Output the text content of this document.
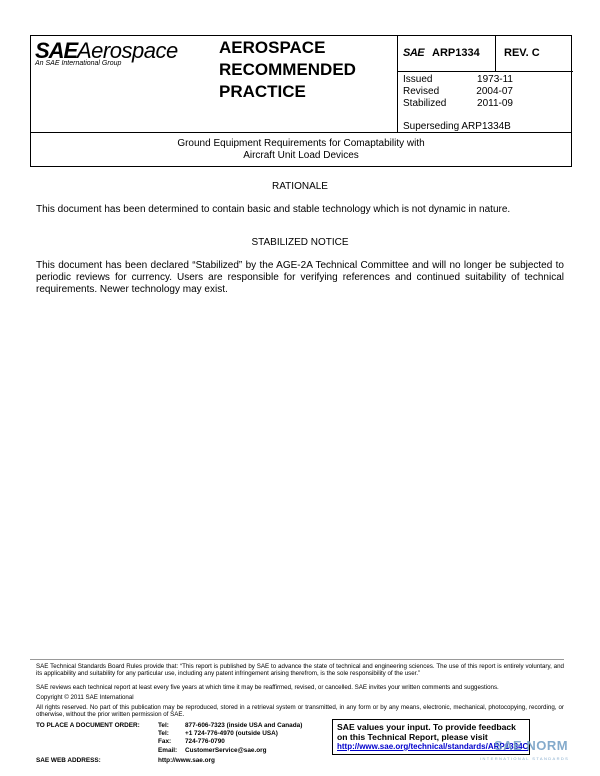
SAE Aerospace
An SAE International Group
AEROSPACE
RECOMMENDED
PRACTICE
SAE ARP1334 REV. C
Issued	1973-11
Revised	2004-07
Stabilized	2011-09
Superseding ARP1334B
Ground Equipment Requirements for Comaptability with
Aircraft Unit Load Devices
RATIONALE
This document has been determined to contain basic and stable technology which is not dynamic in nature.
STABILIZED NOTICE
This document has been declared “Stabilized” by the AGE-2A Technical Committee and will no longer be subjected to periodic reviews for currency. Users are responsible for verifying references and continued suitability of technical requirements. Newer technology may exist.
SAE Technical Standards Board Rules provide that: “This report is published by SAE to advance the state of technical and engineering sciences. The use of this report is entirely voluntary, and its applicability and suitability for any particular use, including any patent infringement arising therefrom, is the sole responsibility of the user.”
SAE reviews each technical report at least every five years at which time it may be reaffirmed, revised, or cancelled. SAE invites your written comments and suggestions.
Copyright © 2011 SAE International
All rights reserved. No part of this publication may be reproduced, stored in a retrieval system or transmitted, in any form or by any means, electronic, mechanical, photocopying, recording, or otherwise, without the prior written permission of SAE.
TO PLACE A DOCUMENT ORDER:	Tel:	877-606-7323 (inside USA and Canada)
Tel:	+1 724-776-4970 (outside USA)
Fax:	724-776-0790
Email:	CustomerService@sae.org
SAE WEB ADDRESS:	http://www.sae.org
SAE values your input. To provide feedback
on this Technical Report, please visit
http://www.sae.org/technical/standards/ARP1334C
SAE NORM
INTERNATIONAL STANDARDS
